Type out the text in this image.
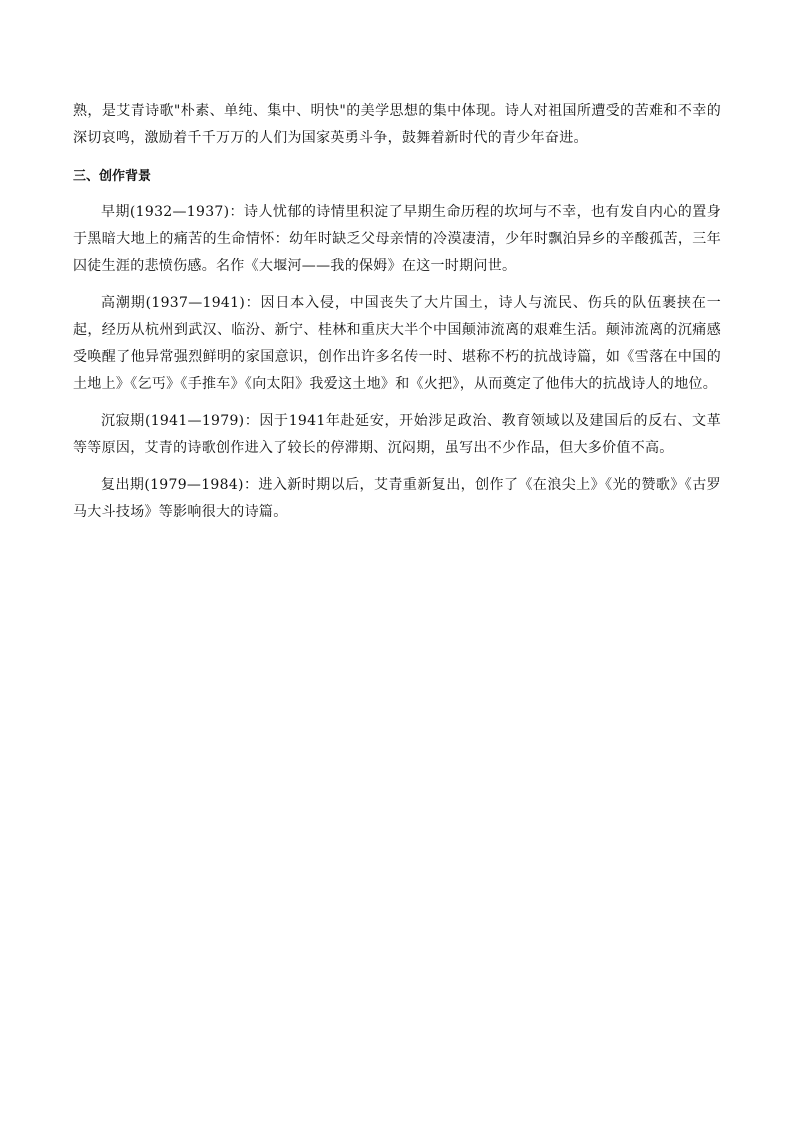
熟，是艾青诗歌"朴素、单纯、集中、明快"的美学思想的集中体现。诗人对祖国所遭受的苦难和不幸的深切哀鸣，激励着千千万万的人们为国家英勇斗争，鼓舞着新时代的青少年奋进。

三、创作背景

早期(1932—1937)：诗人忧郁的诗情里积淀了早期生命历程的坎坷与不幸，也有发自内心的置身于黑暗大地上的痛苦的生命情怀：幼年时缺乏父母亲情的冷漠凄清，少年时飘泊异乡的辛酸孤苦，三年囚徒生涯的悲愤伤感。名作《大堰河——我的保姆》在这一时期问世。

高潮期(1937—1941)：因日本入侵，中国丧失了大片国土，诗人与流民、伤兵的队伍裹挟在一起，经历从杭州到武汉、临汾、新宁、桂林和重庆大半个中国颠沛流离的艰难生活。颠沛流离的沉痛感受唤醒了他异常强烈鲜明的家国意识，创作出许多名传一时、堪称不朽的抗战诗篇，如《雪落在中国的土地上》《乞丐》《手推车》《向太阳》我爱这土地》和《火把》，从而奠定了他伟大的抗战诗人的地位。

沉寂期(1941—1979)：因于1941年赴延安，开始涉足政治、教育领域以及建国后的反右、文革等等原因，艾青的诗歌创作进入了较长的停滞期、沉闷期，虽写出不少作品，但大多价值不高。

复出期(1979—1984)：进入新时期以后，艾青重新复出，创作了《在浪尖上》《光的赞歌》《古罗马大斗技场》等影响很大的诗篇。
